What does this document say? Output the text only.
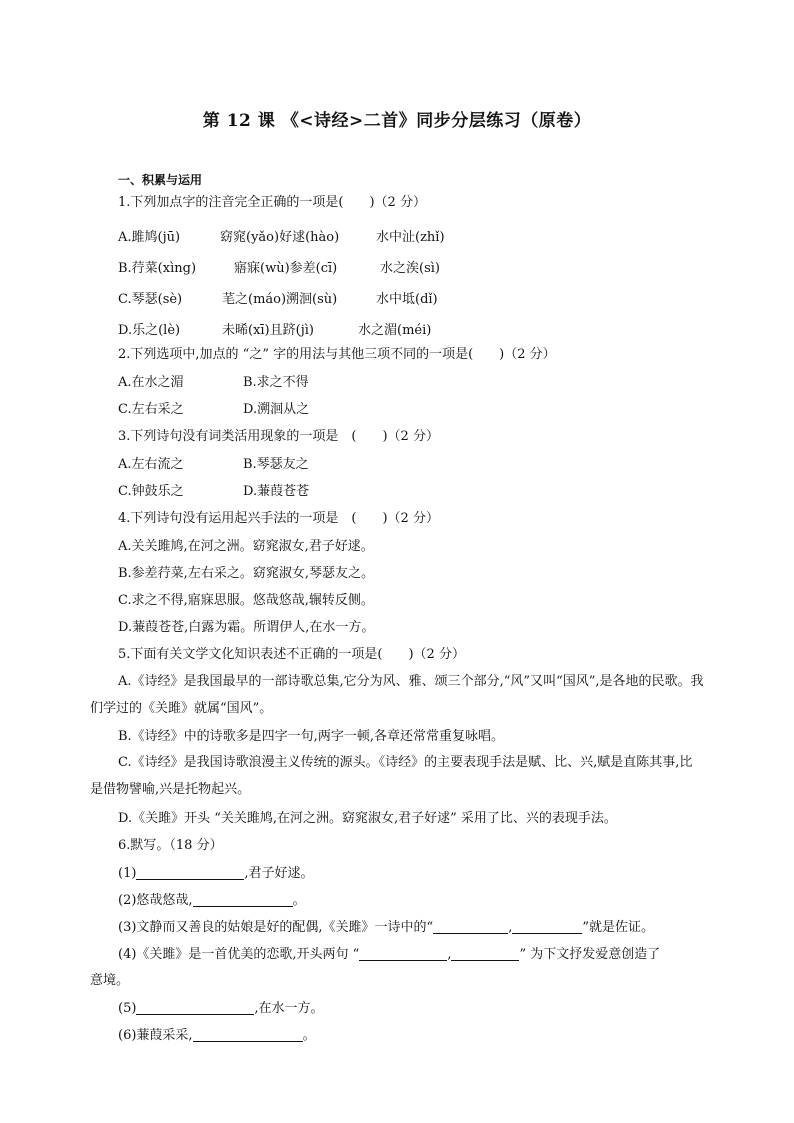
第 12 课 《<诗经>二首》同步分层练习（原卷）
一、积累与运用
1.下列加点字的注音完全正确的一项是(　　)（2 分）
A.雎鸠(jū)	窈窕(yǎo)好逑(hào)	水中沚(zhǐ)
B.荇菜(xìng)	寤寐(wù)参差(cī)	水之涘(sì)
C.琴瑟(sè)	芼之(máo)溯洄(sù)	水中坻(dǐ)
D.乐之(lè)	未晞(xī)且跻(jì)	水之湄(méi)
2.下列选项中,加点的 “之” 字的用法与其他三项不同的一项是(　　)（2 分）
A.在水之湄	B.求之不得
C.左右采之	D.溯洄从之
3.下列诗句没有词类活用现象的一项是　(　　)（2 分）
A.左右流之	B.琴瑟友之
C.钟鼓乐之	D.蒹葭苍苍
4.下列诗句没有运用起兴手法的一项是　(　　)（2 分）
A.关关雎鸠,在河之洲。窈窕淑女,君子好逑。
B.参差荇菜,左右采之。窈窕淑女,琴瑟友之。
C.求之不得,寤寐思服。悠哉悠哉,辗转反侧。
D.蒹葭苍苍,白露为霜。所谓伊人,在水一方。
5.下面有关文学文化知识表述不正确的一项是(　　)（2 分）
A.《诗经》是我国最早的一部诗歌总集,它分为风、雅、颂三个部分,“风”又叫“国风”,是各地的民歌。我们学过的《关雎》就属“国风”。
B.《诗经》中的诗歌多是四字一句,两字一顿,各章还常常重复咏唱。
C.《诗经》是我国诗歌浪漫主义传统的源头。《诗经》的主要表现手法是赋、比、兴,赋是直陈其事,比是借物譬喻,兴是托物起兴。
D.《关雎》开头 “关关雎鸠,在河之洲。窈窕淑女,君子好逑” 采用了比、兴的表现手法。
6.默写。（18 分）
(1)	,君子好逑。
(2)悠哉悠哉,	。
(3)文静而又善良的姑娘是好的配偶,《关雎》一诗中的“	,	”就是佐证。
(4)《关雎》是一首优美的恋歌,开头两句 “	,	” 为下文抒发爱意创造了
意境。
(5)	,在水一方。
(6)蒹葭采采,	。
